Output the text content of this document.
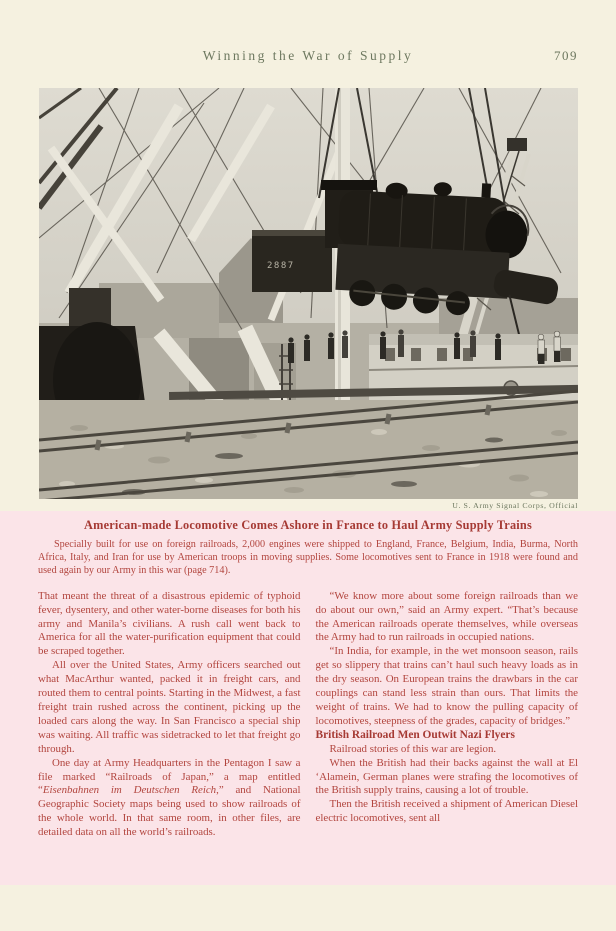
Winning the War of Supply	709
2887
U. S. Army Signal Corps, Official
American-made Locomotive Comes Ashore in France to Haul Army Supply Trains
Specially built for use on foreign railroads, 2,000 engines were shipped to England, France, Belgium, India, Burma, North Africa, Italy, and Iran for use by American troops in moving supplies. Some locomotives sent to France in 1918 were found and used again by our Army in this war (page 714).

That meant the threat of a disastrous epidemic of typhoid fever, dysentery, and other water-borne diseases for both his army and Manila’s civilians. A rush call went back to America for all the water-purification equipment that could be scraped together.

All over the United States, Army officers searched out what MacArthur wanted, packed it in freight cars, and routed them to central points. Starting in the Midwest, a fast freight train rushed across the continent, picking up the loaded cars along the way. In San Francisco a special ship was waiting. All traffic was sidetracked to let that freight go through.

One day at Army Headquarters in the Pentagon I saw a file marked “Railroads of Japan,” a map entitled “Eisenbahnen im Deutschen Reich,” and National Geographic Society maps being used to show railroads of the whole world. In that same room, in other files, are detailed data on all the world’s railroads.

“We know more about some foreign railroads than we do about our own,” said an Army expert. “That’s because the American railroads operate themselves, while overseas the Army had to run railroads in occupied nations.

“In India, for example, in the wet monsoon season, rails get so slippery that trains can’t haul such heavy loads as in the dry season. On European trains the drawbars in the car couplings can stand less strain than ours. That limits the weight of trains. We had to know the pulling capacity of locomotives, steepness of the grades, capacity of bridges.”

British Railroad Men Outwit Nazi Flyers

Railroad stories of this war are legion.

When the British had their backs against the wall at El ‘Alamein, German planes were strafing the locomotives of the British supply trains, causing a lot of trouble.

Then the British received a shipment of American Diesel electric locomotives, sent all
